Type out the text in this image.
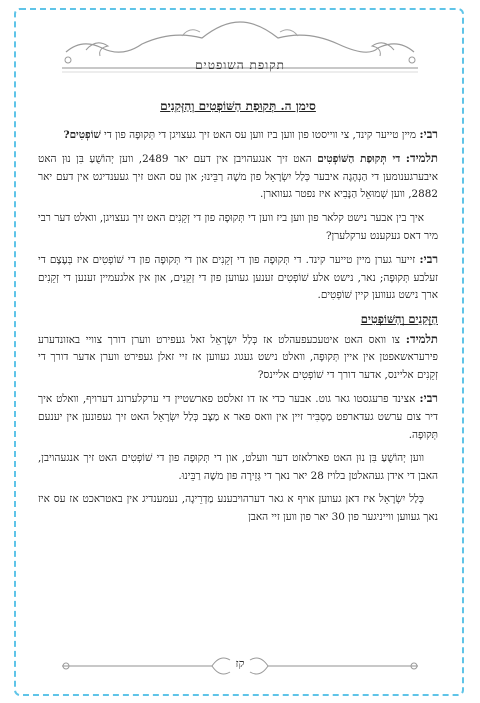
תקופת השופטים
סימן ה. תְּקוּפַת הַשּׁוֹפְטִים וְהַזְּקֵנִים

רבי: מיין טייער קינד, צי ווייסטו פון ווען ביז ווען עס האט זיך געצויגן די תְּקוּפָה פון די שׁוֹפְטִים?

תלמיד: די תְּקוּפַת הַשּׁוֹפְטִים האט זיך אנגעהויבן אין דעם יאר 2489, ווען יְהוֹשֻׁעַ בִּן נוּן האט איבערגענומען די הַנְהָגָה איבער כְּלַל יִשְׂרָאֵל פון משֶׁה רַבֵּינוּ; און עס האט זיך געענדיגט אין דעם יאר 2882, ווען שְׁמוּאֵל הַנָּבִיא איז נפטר געווארן.

איך בין אבער נישט קלאר פון ווען ביז ווען די תְּקוּפָה פון די זְקֵנִים האט זיך געצויגן, וואלט דער רבי מיר דאס געקענט ערקלערן?

רבי: זייער גערן מיין טייער קינד. די תְּקוּפָה פון די זְקֵנִים און די תְּקוּפָה פון די שׁוֹפְטִים איז בְּעֶצֶם די זעלבע תְּקוּפָה; נאר, נישט אלע שׁוֹפְטִים זענען געווען פון די זְקֵנִים, און אין אלגעמיין זענען די זְקֵנִים ארך נישט געווען קיין שׁוֹפְטִים.

הַזְּקֵנִים וְהַשּׁוֹפְטִים

תלמיד: צו וואס האט איטעכעפעהלט אז כְּלַל יִשְׂרָאֵל זאל געפירט ווערן דורך צוויי באזונדערע פירעראשאפטן אין איין תְּקוּפָה, וואלט נישט געגוג געווען אז זיי זאלן געפירט ווערן אדער דורך די זְקֵנִים אליינס, אדער דורך די שׁוֹפְטִים אליינס?

רבי: אצינד פרעגסטו גאר גוט. אבער כדי אז דו זאלסט פארשטיין די ערקלערונג דערויף, וואלט איך דיר צום ערשט געדארפט מַסְבִּיר זיין אין וואס פאר א מַצָּב כְּלַל יִשְׂרָאֵל האט זיך געפונען אין יענעם תְּקוּפָה.

ווען יְהוֹשֻׁעַ בִּן נוּן האט פארלאזט דער וועלט, און די תְּקוּפָה פון די שׁוֹפְטִים האט זיך אנגעהויבן, האבן די אידן געהאלטן בלויז 28 יאר נאך די גְּזֵירָה פון משֶׁה רַבֵּינוּ.

כְּלַל יִשְׂרָאֵל איז דאן געווען אויף א גאר דערהויבענע מַדְרֵיגָה, נעמענדיג אין באטראכט אז עס איז נאך געווען ווייניגער פון 30 יאר פון ווען זיי האבן

קז
